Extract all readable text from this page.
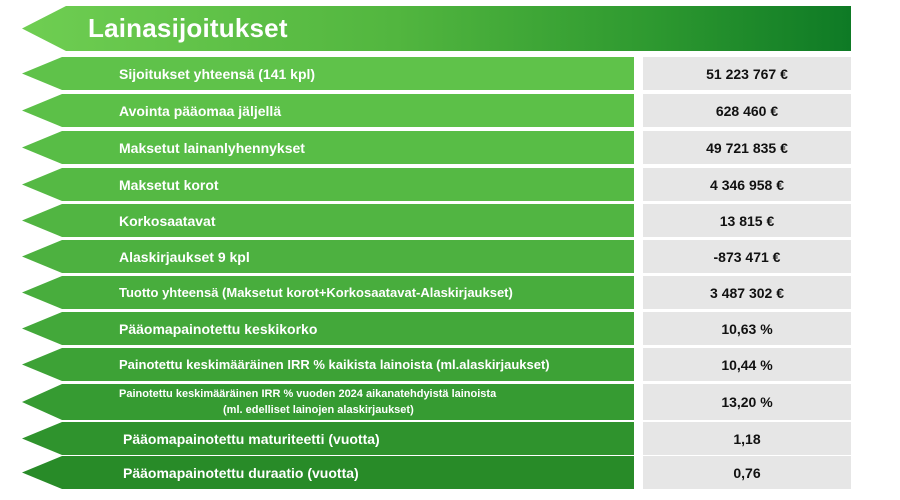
Lainasijoitukset
Sijoitukset yhteensä (141 kpl)	51 223 767 €
Avointa pääomaa jäljellä	628 460 €
Maksetut lainanlyhennykset	49 721 835 €
Maksetut korot	4 346 958 €
Korkosaatavat	13 815 €
Alaskirjaukset 9 kpl	-873 471 €
Tuotto yhteensä (Maksetut korot+Korkosaatavat-Alaskirjaukset)	3 487 302 €
Pääomapainotettu keskikorko	10,63 %
Painotettu keskimääräinen IRR % kaikista lainoista (ml.alaskirjaukset)	10,44 %
Painotettu keskimääräinen IRR % vuoden 2024 aikanatehdyistä lainoista
(ml. edelliset lainojen alaskirjaukset)	13,20 %
Pääomapainotettu maturiteetti (vuotta)	1,18
Pääomapainotettu duraatio (vuotta)	0,76
